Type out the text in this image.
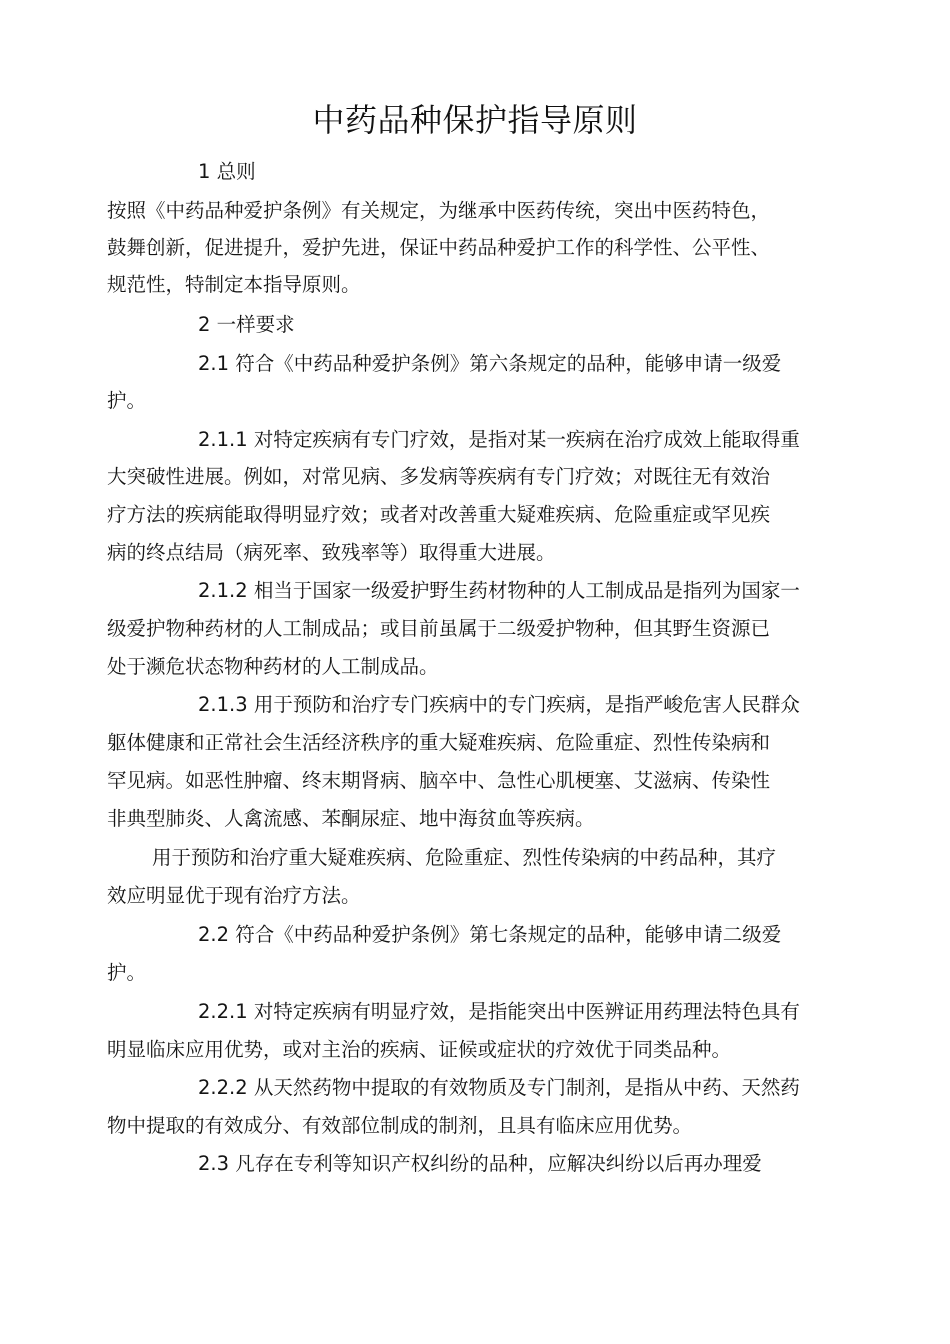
中药品种保护指导原则
1 总则
按照《中药品种爱护条例》有关规定，为继承中医药传统，突出中医药特色，
鼓舞创新，促进提升，爱护先进，保证中药品种爱护工作的科学性、公平性、
规范性，特制定本指导原则。
2 一样要求
2.1 符合《中药品种爱护条例》第六条规定的品种，能够申请一级爱
护。
2.1.1 对特定疾病有专门疗效，是指对某一疾病在治疗成效上能取得重
大突破性进展。例如，对常见病、多发病等疾病有专门疗效；对既往无有效治
疗方法的疾病能取得明显疗效；或者对改善重大疑难疾病、危险重症或罕见疾
病的终点结局（病死率、致残率等）取得重大进展。
2.1.2 相当于国家一级爱护野生药材物种的人工制成品是指列为国家一
级爱护物种药材的人工制成品；或目前虽属于二级爱护物种，但其野生资源已
处于濒危状态物种药材的人工制成品。
2.1.3 用于预防和治疗专门疾病中的专门疾病，是指严峻危害人民群众
躯体健康和正常社会生活经济秩序的重大疑难疾病、危险重症、烈性传染病和
罕见病。如恶性肿瘤、终末期肾病、脑卒中、急性心肌梗塞、艾滋病、传染性
非典型肺炎、人禽流感、苯酮尿症、地中海贫血等疾病。
用于预防和治疗重大疑难疾病、危险重症、烈性传染病的中药品种，其疗
效应明显优于现有治疗方法。
2.2 符合《中药品种爱护条例》第七条规定的品种，能够申请二级爱
护。
2.2.1 对特定疾病有明显疗效，是指能突出中医辨证用药理法特色具有
明显临床应用优势，或对主治的疾病、证候或症状的疗效优于同类品种。
2.2.2 从天然药物中提取的有效物质及专门制剂，是指从中药、天然药
物中提取的有效成分、有效部位制成的制剂，且具有临床应用优势。
2.3 凡存在专利等知识产权纠纷的品种，应解决纠纷以后再办理爱
